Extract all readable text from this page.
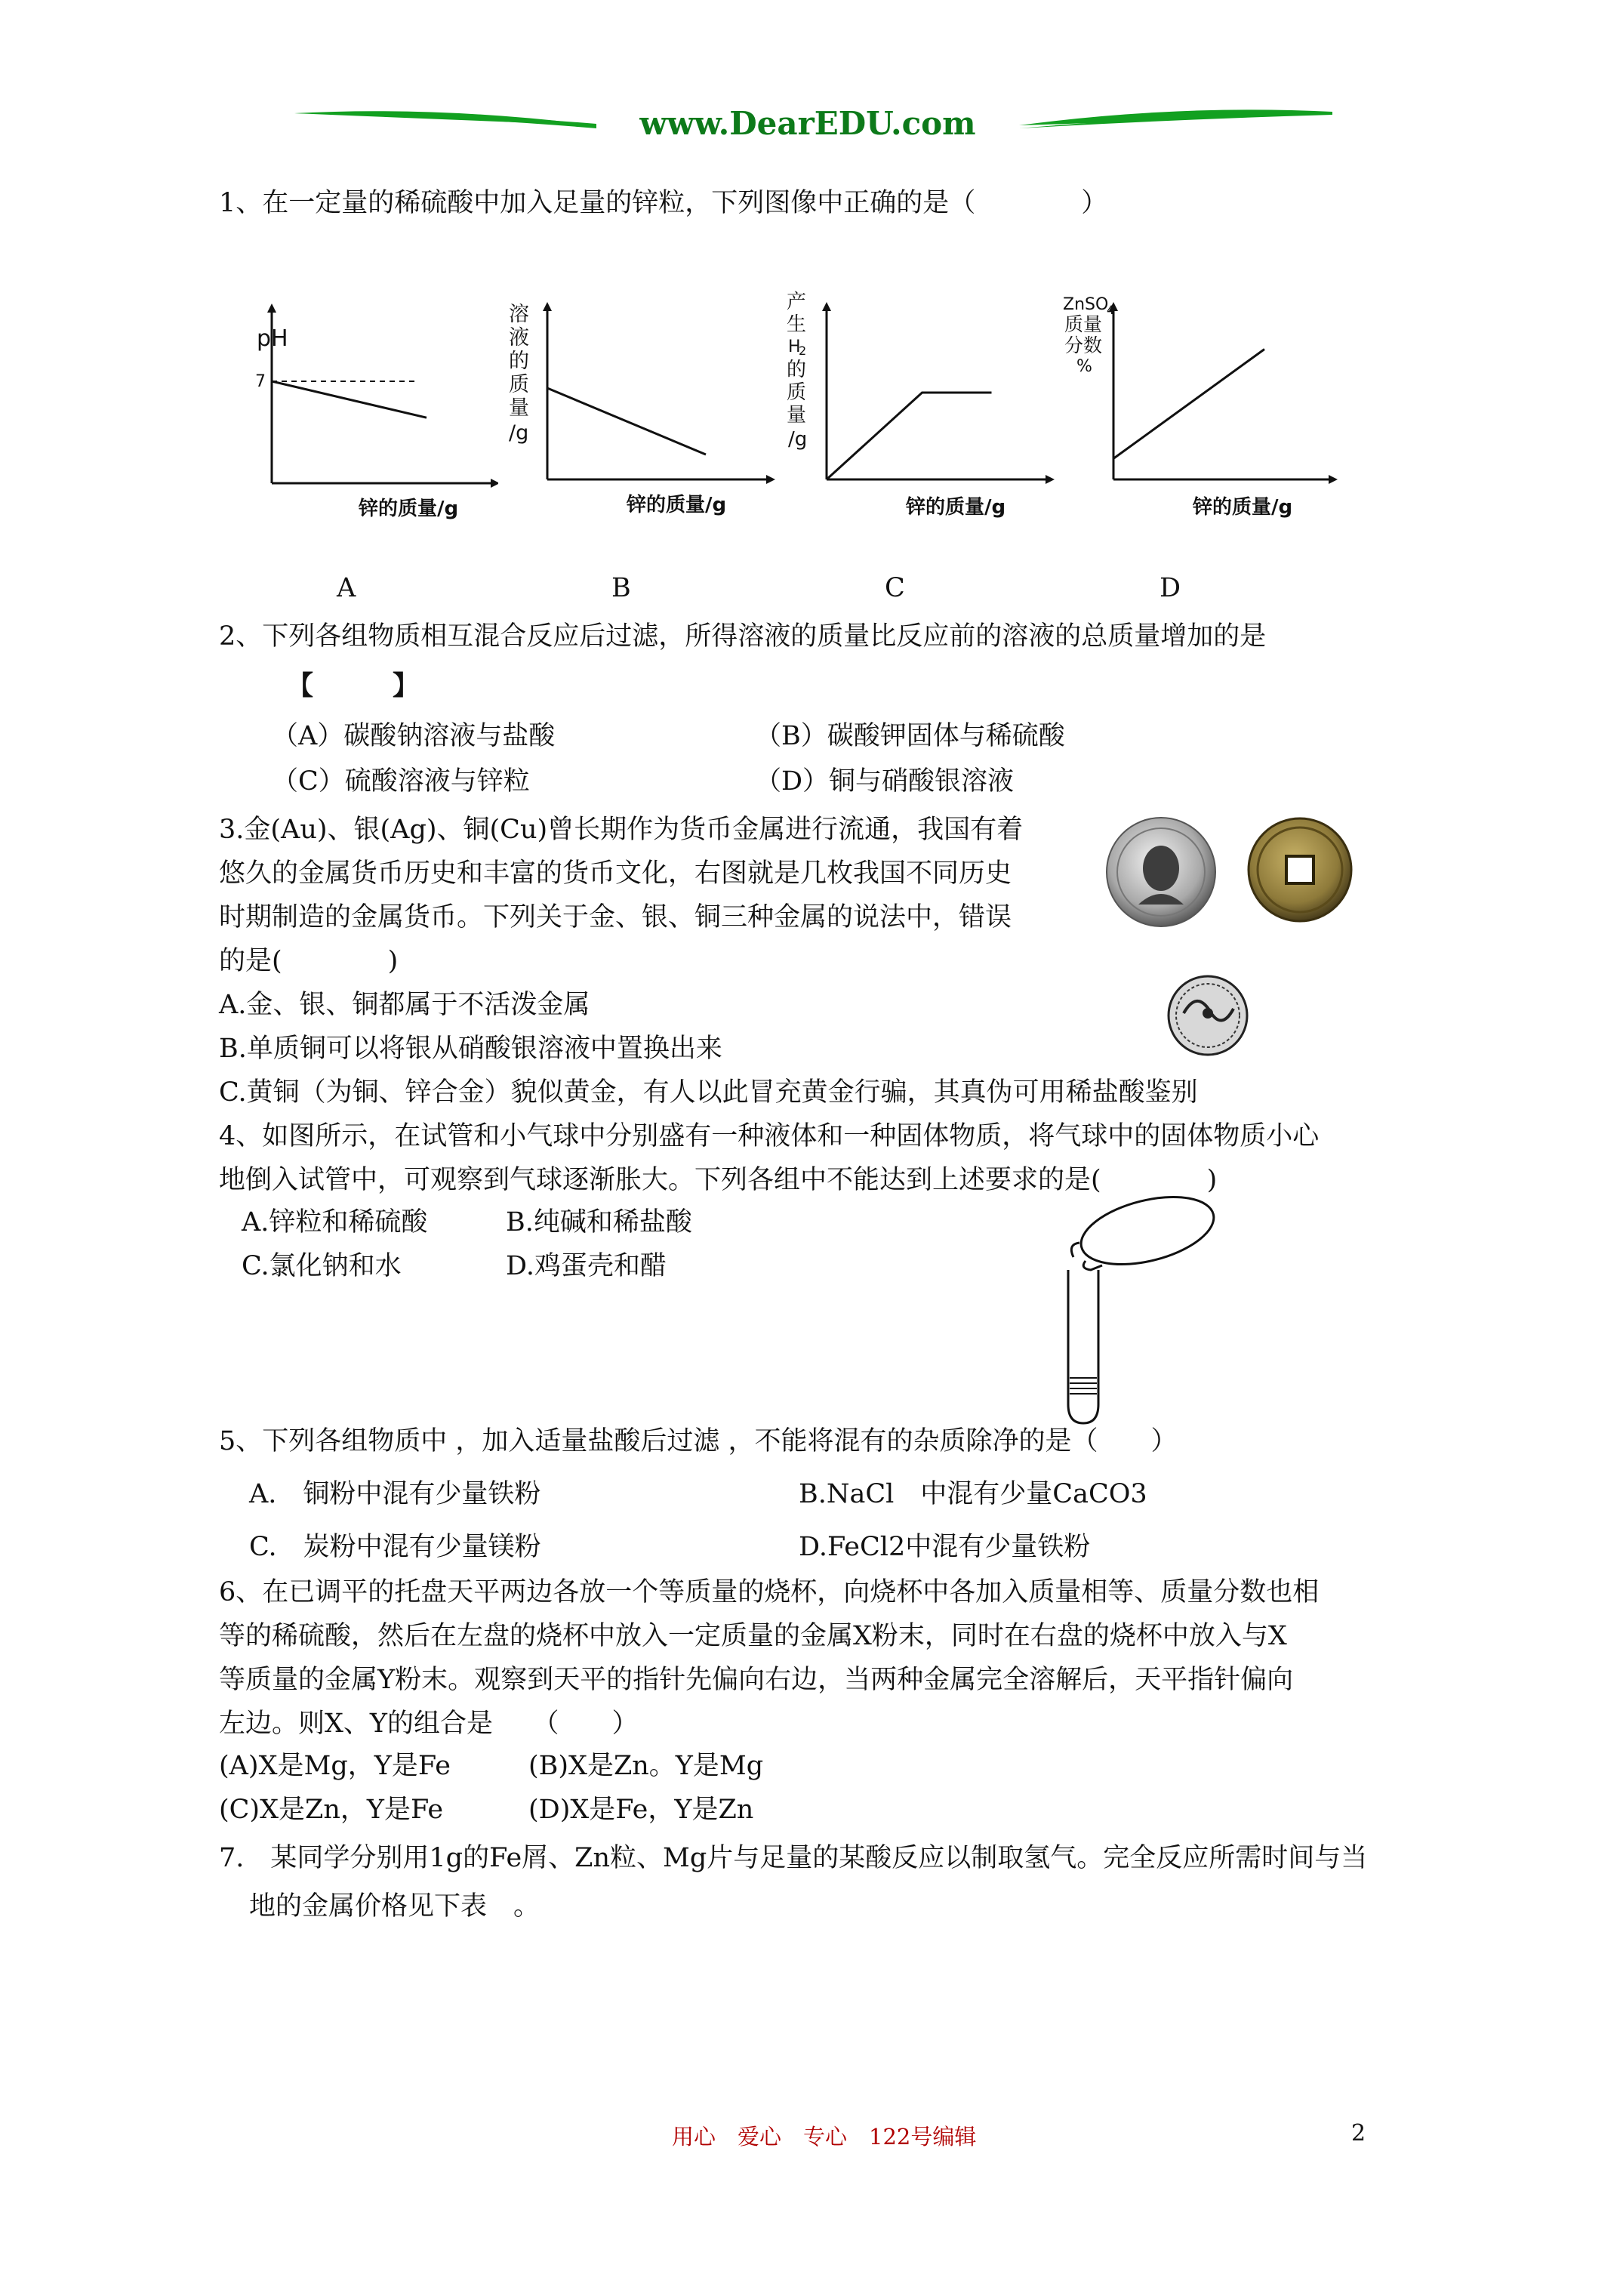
www.DearEDU.com
1、在一定量的稀硫酸中加入足量的锌粒，下列图像中正确的是（　　　　）
pH
7
锌的质量/g
溶液的质量/g
锌的质量/g
产生 H2 的质量/g
锌的质量/g
ZnSO4 质量 分数 %
锌的质量/g
A	B	C	D
2、下列各组物质相互混合反应后过滤，所得溶液的质量比反应前的溶液的总质量增加的是
【　　　】
（A）碳酸钠溶液与盐酸	（B）碳酸钾固体与稀硫酸
（C）硫酸溶液与锌粒	（D）铜与硝酸银溶液
3.金(Au)、银(Ag)、铜(Cu)曾长期作为货币金属进行流通，我国有着
悠久的金属货币历史和丰富的货币文化，右图就是几枚我国不同历史
时期制造的金属货币。下列关于金、银、铜三种金属的说法中，错误
的是(　　　　)
A.金、银、铜都属于不活泼金属
B.单质铜可以将银从硝酸银溶液中置换出来
C.黄铜（为铜、锌合金）貌似黄金，有人以此冒充黄金行骗，其真伪可用稀盐酸鉴别
4、如图所示，在试管和小气球中分别盛有一种液体和一种固体物质，将气球中的固体物质小心
地倒入试管中，可观察到气球逐渐胀大。下列各组中不能达到上述要求的是(　　　　)
A.锌粒和稀硫酸	B.纯碱和稀盐酸
C.氯化钠和水	D.鸡蛋壳和醋
5、下列各组物质中 ，加入适量盐酸后过滤 ，不能将混有的杂质除净的是（　　）
A.　铜粉中混有少量铁粉	B.NaCl　中混有少量CaCO3
C.　炭粉中混有少量镁粉	D.FeCl2中混有少量铁粉
6、在已调平的托盘天平两边各放一个等质量的烧杯，向烧杯中各加入质量相等、质量分数也相
等的稀硫酸，然后在左盘的烧杯中放入一定质量的金属X粉末，同时在右盘的烧杯中放入与X
等质量的金属Y粉末。观察到天平的指针先偏向右边，当两种金属完全溶解后，天平指针偏向
左边。则X、Y的组合是　　（　　）
(A)X是Mg，Y是Fe	(B)X是Zn。Y是Mg
(C)X是Zn，Y是Fe	(D)X是Fe，Y是Zn
7.　某同学分别用1g的Fe屑、Zn粒、Mg片与足量的某酸反应以制取氢气。完全反应所需时间与当
地的金属价格见下表　。
用心　爱心　专心　122号编辑	2
